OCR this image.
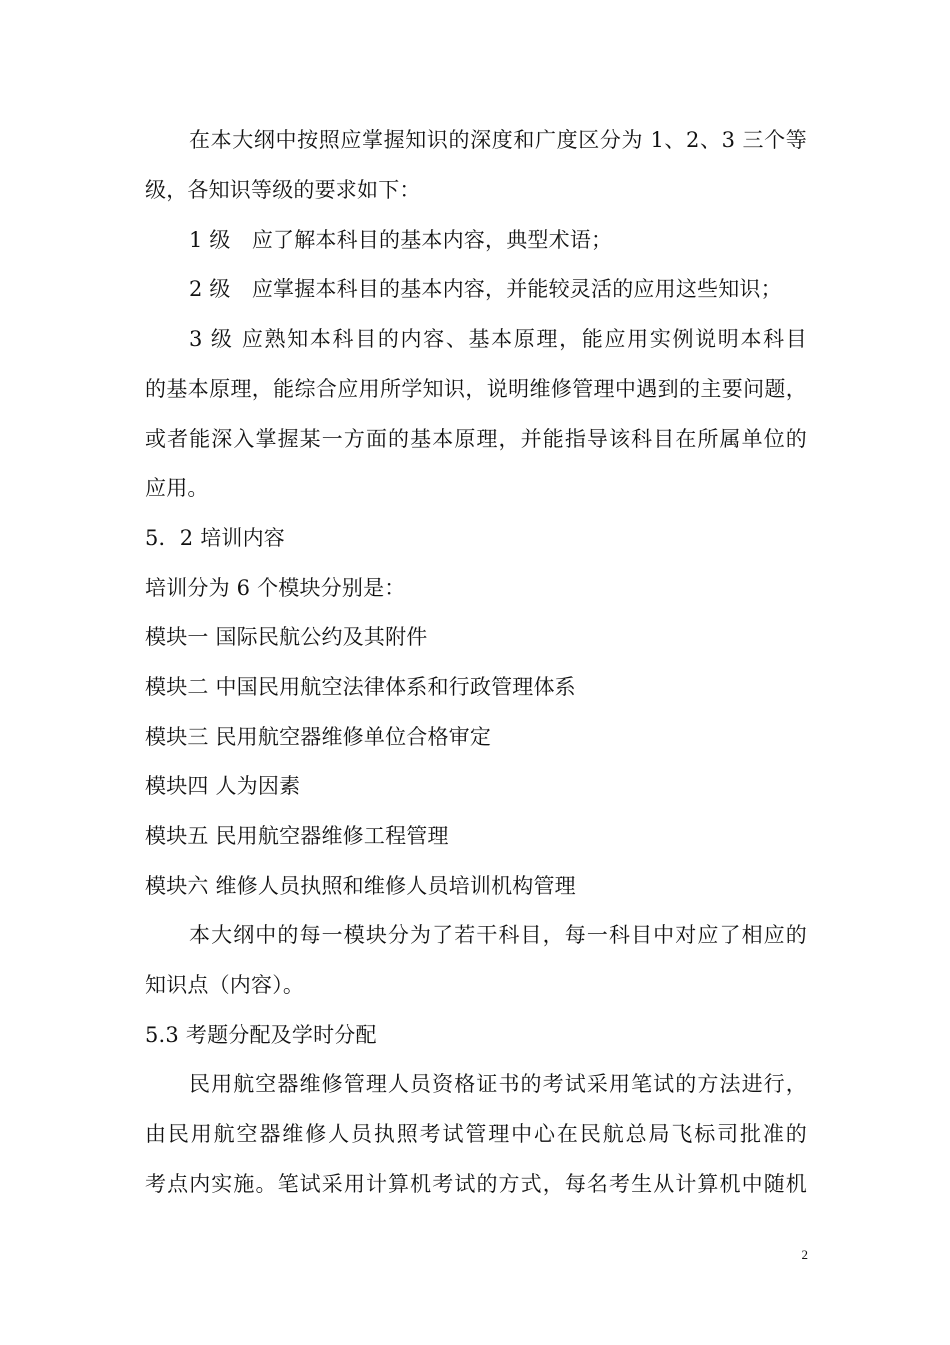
在本大纲中按照应掌握知识的深度和广度区分为 1、2、3 三个等
级，各知识等级的要求如下：
1 级　应了解本科目的基本内容，典型术语；
2 级　应掌握本科目的基本内容，并能较灵活的应用这些知识；
3 级 应熟知本科目的内容、基本原理，能应用实例说明本科目
的基本原理，能综合应用所学知识，说明维修管理中遇到的主要问题，
或者能深入掌握某一方面的基本原理，并能指导该科目在所属单位的
应用。
5．2 培训内容
培训分为 6 个模块分别是：
模块一 国际民航公约及其附件
模块二 中国民用航空法律体系和行政管理体系
模块三 民用航空器维修单位合格审定
模块四 人为因素
模块五 民用航空器维修工程管理
模块六 维修人员执照和维修人员培训机构管理
本大纲中的每一模块分为了若干科目，每一科目中对应了相应的
知识点（内容）。
5.3 考题分配及学时分配
民用航空器维修管理人员资格证书的考试采用笔试的方法进行，
由民用航空器维修人员执照考试管理中心在民航总局飞标司批准的
考点内实施。笔试采用计算机考试的方式，每名考生从计算机中随机
2
